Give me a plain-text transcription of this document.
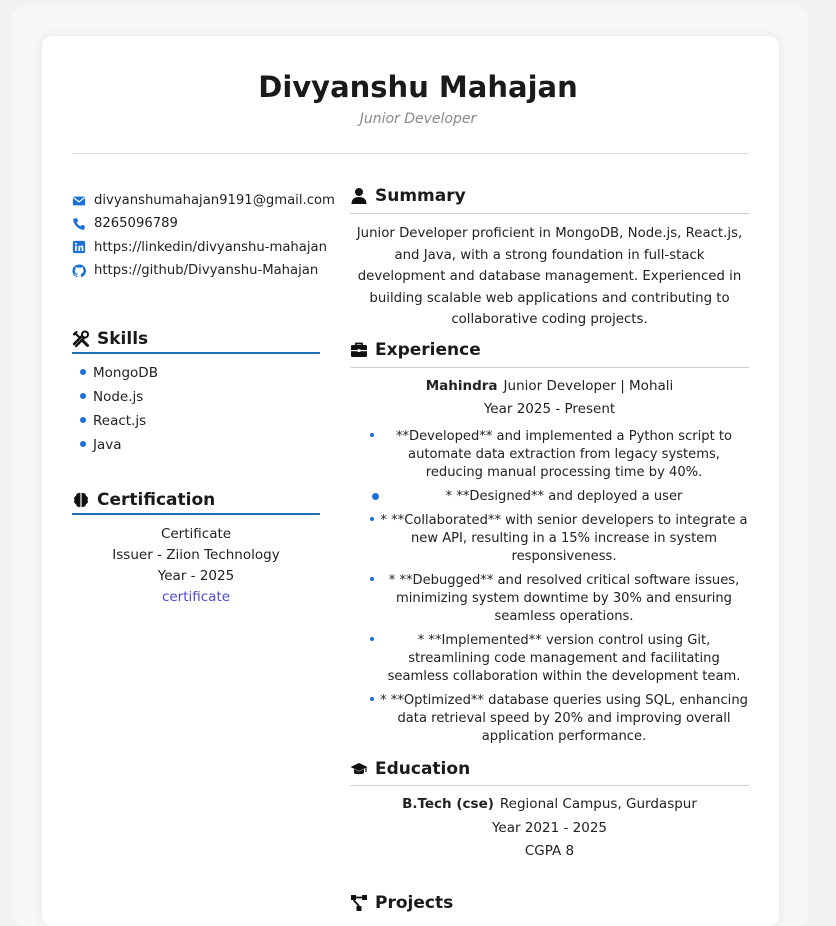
Divyanshu Mahajan
Junior Developer
divyanshumahajan9191@gmail.com
8265096789
https://linkedin/divyanshu-mahajan
https://github/Divyanshu-Mahajan
Skills
MongoDB
Node.js
React.js
Java
Certification
Certificate
Issuer - Ziion Technology
Year - 2025
certificate
Summary
Junior Developer proficient in MongoDB, Node.js, React.js, and Java, with a strong foundation in full-stack development and database management. Experienced in building scalable web applications and contributing to collaborative coding projects.
Experience
Mahindra Junior Developer | Mohali
Year 2025 - Present
**Developed** and implemented a Python script to automate data extraction from legacy systems, reducing manual processing time by 40%.
* **Designed** and deployed a user
* **Collaborated** with senior developers to integrate a new API, resulting in a 15% increase in system responsiveness.
* **Debugged** and resolved critical software issues, minimizing system downtime by 30% and ensuring seamless operations.
* **Implemented** version control using Git, streamlining code management and facilitating seamless collaboration within the development team.
* **Optimized** database queries using SQL, enhancing data retrieval speed by 20% and improving overall application performance.
Education
B.Tech (cse) Regional Campus, Gurdaspur
Year 2021 - 2025
CGPA 8
Projects
